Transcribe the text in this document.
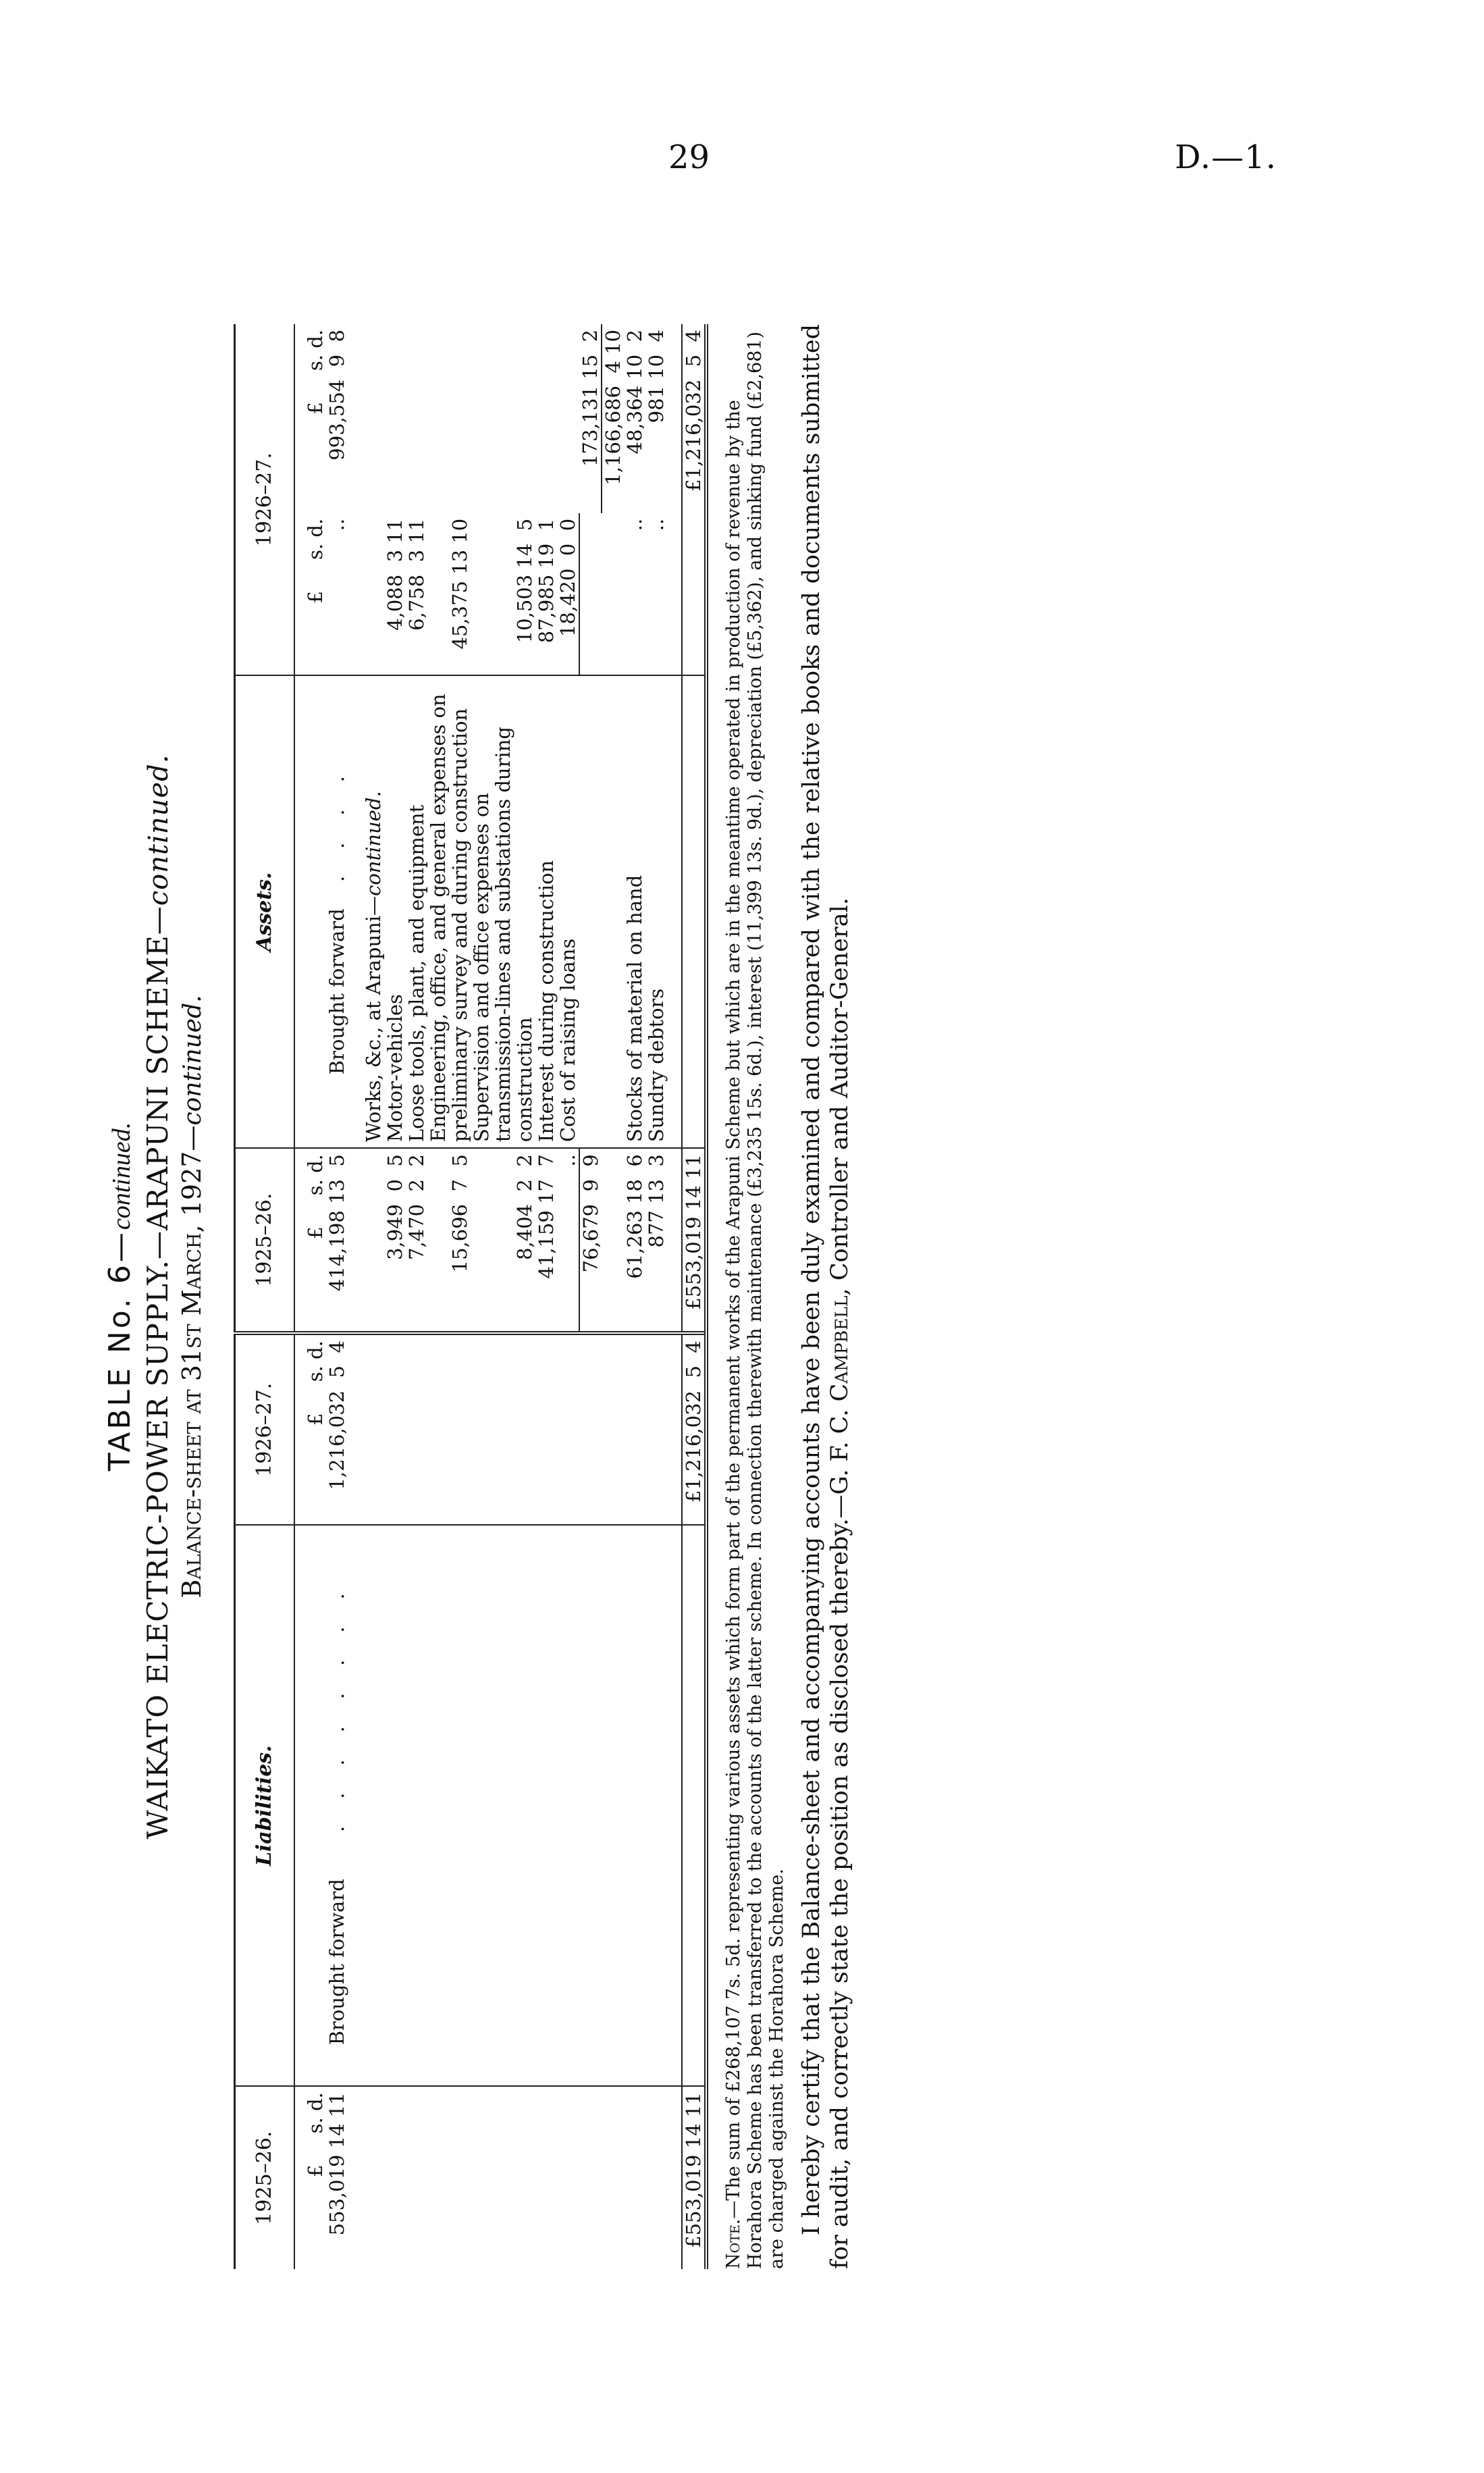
29	D.—1.
TABLE No. 6—continued. WAIKATO ELECTRIC-POWER SUPPLY.—ARAPUNI SCHEME—continued.
Balance-sheet at 31st March, 1927—continued.
1925–26.	Liabilities.	1926–27.	1925–26.	Assets.	1926–27.	
£     s. d.		£     s. d.	£     s. d.		£     s. d.	£     s. d.
553,019 14 11	Brought forward ........	1,216,032  5  4	414,198 13  5	Brought forward ....	..	993,554  9  8

				Works, &c., at Arapuni—continued.		
			3,949  0  5	Motor-vehicles	4,088  3 11	
			7,470  2  2	Loose tools, plant, and equipment	6,758  3 11	
			15,696  7  5	Engineering, office, and general expenses on preliminary survey and during construction	45,375 13 10	
			8,404  2  2	Supervision and office expenses on transmission-lines and substations during construction	10,503 14  5	
			41,159 17  7	Interest during construction	87,985 19  1	
			..	Cost of raising loans	18,420  0  0	
			76,679  9  9			173,131 15  2
						1,166,686  4 10
			61,263 18  6	Stocks of material on hand	..	48,364 10  2
			877 13  3	Sundry debtors	..	981 10  4

£553,019 14 11		£1,216,032  5  4	£553,019 14 11			£1,216,032  5  4
Note.—The sum of £268,107 7s. 5d. representing various assets which form part of the permanent works of the Arapuni Scheme but which are in the meantime operated in production of revenue by the Horahora Scheme has been transferred to the accounts of the latter scheme. In connection therewith maintenance (£3,235 15s. 6d.), interest (11,399 13s. 9d.), depreciation (£5,362), and sinking fund (£2,681) are charged against the Horahora Scheme. I hereby certify that the Balance-sheet and accompanying accounts have been duly examined and compared with the relative books and documents submitted for audit, and correctly state the position as disclosed thereby.—G. F. C. Campbell, Controller and Auditor-General.
